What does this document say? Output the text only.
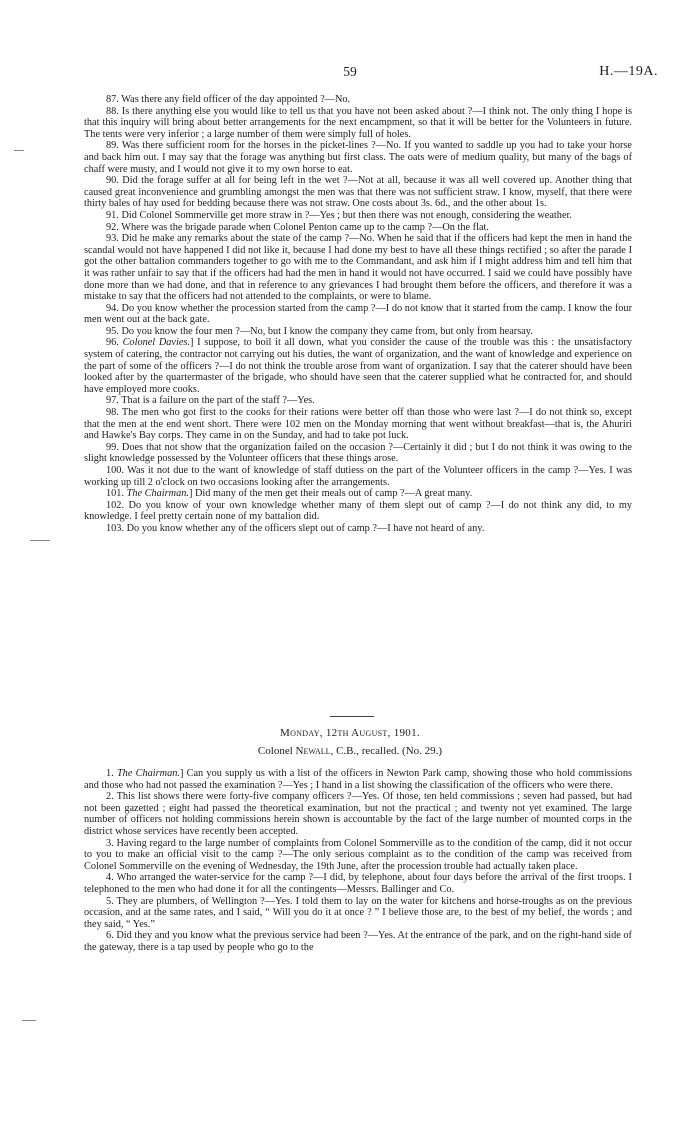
59	H.—19A.

87. Was there any field officer of the day appointed ?—No.

88. Is there anything else you would like to tell us that you have not been asked about ?—I think not. The only thing I hope is that this inquiry will bring about better arrangements for the next encampment, so that it will be better for the Volunteers in future. The tents were very inferior ; a large number of them were simply full of holes.

89. Was there sufficient room for the horses in the picket-lines ?—No. If you wanted to saddle up you had to take your horse and back him out. I may say that the forage was anything but first class. The oats were of medium quality, but many of the bags of chaff were musty, and I would not give it to my own horse to eat.

90. Did the forage suffer at all for being left in the wet ?—Not at all, because it was all well covered up. Another thing that caused great inconvenience and grumbling amongst the men was that there was not sufficient straw. I know, myself, that there were thirty bales of hay used for bedding because there was not straw. One costs about 3s. 6d., and the other about 1s.

91. Did Colonel Sommerville get more straw in ?—Yes ; but then there was not enough, considering the weather.

92. Where was the brigade parade when Colonel Penton came up to the camp ?—On the flat.

93. Did he make any remarks about the state of the camp ?—No. When he said that if the officers had kept the men in hand the scandal would not have happened I did not like it, because I had done my best to have all these things rectified ; so after the parade I got the other battalion commanders together to go with me to the Commandant, and ask him if I might address him and tell him that it was rather unfair to say that if the officers had had the men in hand it would not have occurred. I said we could have possibly have done more than we had done, and that in reference to any grievances I had brought them before the officers, and therefore it was a mistake to say that the officers had not attended to the complaints, or were to blame.

94. Do you know whether the procession started from the camp ?—I do not know that it started from the camp. I know the four men went out at the back gate.

95. Do you know the four men ?—No, but I know the company they came from, but only from hearsay.

96. Colonel Davies.] I suppose, to boil it all down, what you consider the cause of the trouble was this : the unsatisfactory system of catering, the contractor not carrying out his duties, the want of organization, and the want of knowledge and experience on the part of some of the officers ?—I do not think the trouble arose from want of organization. I say that the caterer should have been looked after by the quartermaster of the brigade, who should have seen that the caterer supplied what he contracted for, and should have employed more cooks.

97. That is a failure on the part of the staff ?—Yes.

98. The men who got first to the cooks for their rations were better off than those who were last ?—I do not think so, except that the men at the end went short. There were 102 men on the Monday morning that went without breakfast—that is, the Ahuriri and Hawke's Bay corps. They came in on the Sunday, and had to take pot luck.

99. Does that not show that the organization failed on the occasion ?—Certainly it did ; but I do not think it was owing to the slight knowledge possessed by the Volunteer officers that these things arose.

100. Was it not due to the want of knowledge of staff dutiess on the part of the Volunteer officers in the camp ?—Yes. I was working up till 2 o'clock on two occasions looking after the arrangements.

101. The Chairman.] Did many of the men get their meals out of camp ?—A great many.

102. Do you know of your own knowledge whether many of them slept out of camp ?—I do not think any did, to my knowledge. I feel pretty certain none of my battalion did.

103. Do you know whether any of the officers slept out of camp ?—I have not heard of any.

Monday, 12th August, 1901.
Colonel Newall, C.B., recalled. (No. 29.)

1. The Chairman.] Can you supply us with a list of the officers in Newton Park camp, showing those who hold commissions and those who had not passed the examination ?—Yes ; I hand in a list showing the classification of the officers who were there.

2. This list shows there were forty-five company officers ?—Yes. Of those, ten held commissions ; seven had passed, but had not been gazetted ; eight had passed the theoretical examination, but not the practical ; and twenty not yet examined. The large number of officers not holding commissions herein shown is accountable by the fact of the large number of mounted corps in the district whose services have recently been accepted.

3. Having regard to the large number of complaints from Colonel Sommerville as to the condition of the camp, did it not occur to you to make an official visit to the camp ?—The only serious complaint as to the condition of the camp was received from Colonel Sommerville on the evening of Wednesday, the 19th June, after the procession trouble had actually taken place.

4. Who arranged the water-service for the camp ?—I did, by telephone, about four days before the arrival of the first troops. I telephoned to the men who had done it for all the contingents—Messrs. Ballinger and Co.

5. They are plumbers, of Wellington ?—Yes. I told them to lay on the water for kitchens and horse-troughs as on the previous occasion, and at the same rates, and I said, “ Will you do it at once ? ” I believe those are, to the best of my belief, the words ; and they said, “ Yes.”

6. Did they and you know what the previous service had been ?—Yes. At the entrance of the park, and on the right-hand side of the gateway, there is a tap used by people who go to the
